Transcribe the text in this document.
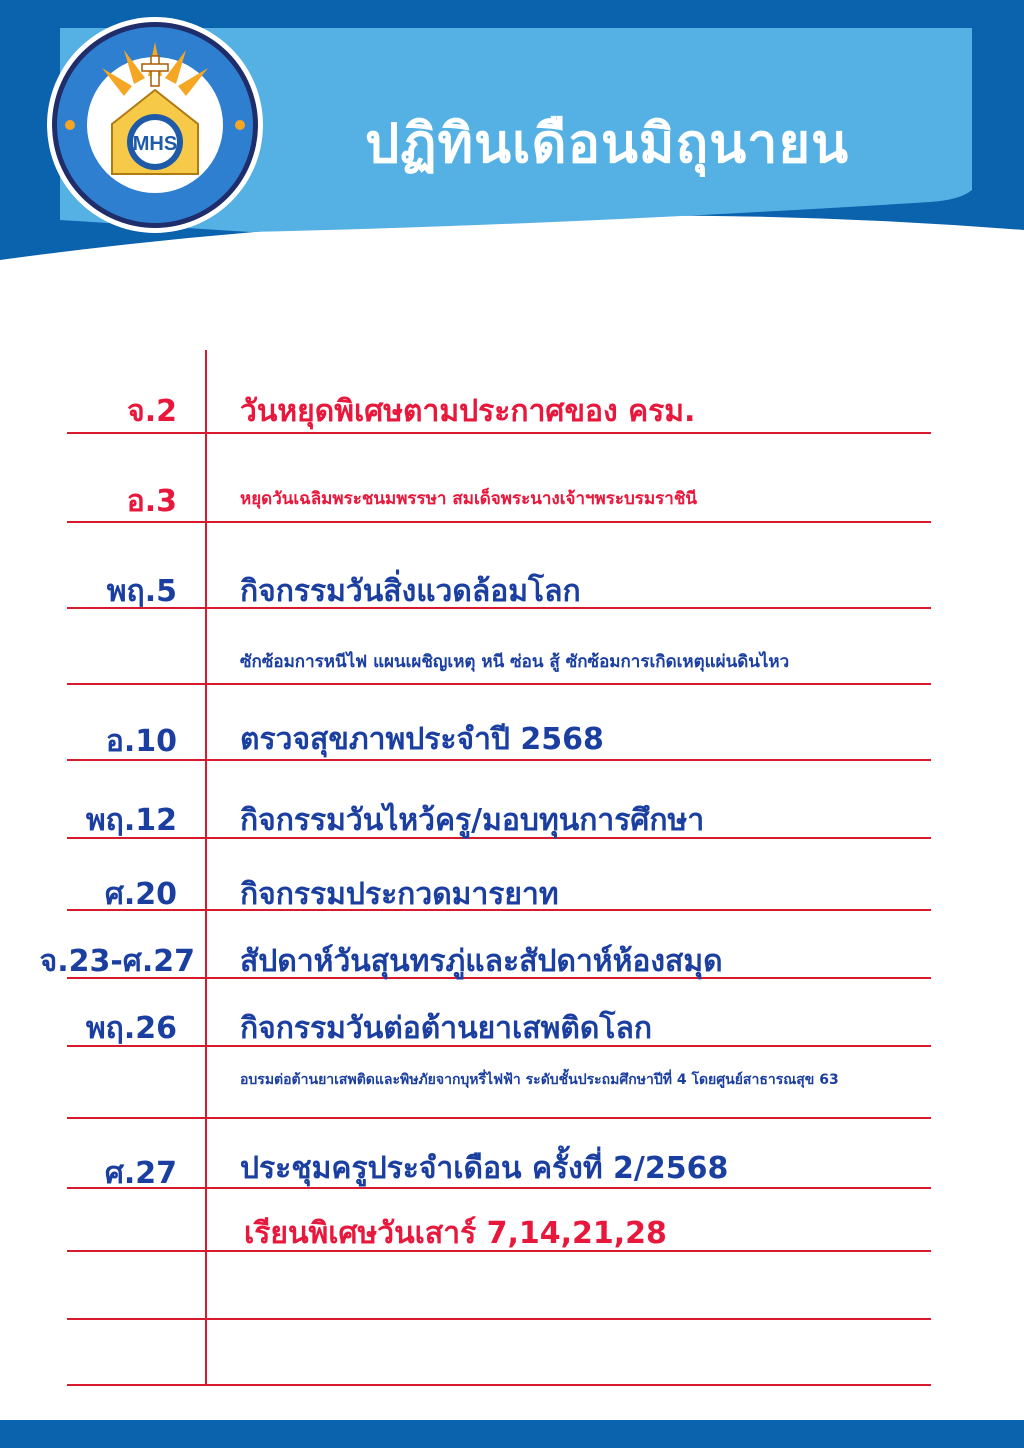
ปฏิทินเดือนมิถุนายน
MHS
จ.2 วันหยุดพิเศษตามประกาศของ ครม.
อ.3	หยุดวันเฉลิมพระชนมพรรษา สมเด็จพระนางเจ้าฯพระบรมราชินี
พฤ.5 กิจกรรมวันสิ่งแวดล้อมโลก
ซักซ้อมการหนีไฟ แผนเผชิญเหตุ หนี ซ่อน สู้ ซักซ้อมการเกิดเหตุแผ่นดินไหว
อ.10 ตรวจสุขภาพประจำปี 2568
พฤ.12 กิจกรรมวันไหว้ครู/มอบทุนการศึกษา
ศ.20 กิจกรรมประกวดมารยาท
จ.23-ศ.27 สัปดาห์วันสุนทรภู่และสัปดาห์ห้องสมุด
พฤ.26 กิจกรรมวันต่อต้านยาเสพติดโลก
อบรมต่อต้านยาเสพติดและพิษภัยจากบุหรี่ไฟฟ้า ระดับชั้นประถมศึกษาปีที่ 4 โดยศูนย์สาธารณสุข 63
ศ.27 ประชุมครูประจำเดือน ครั้งที่ 2/2568
เรียนพิเศษวันเสาร์ 7,14,21,28
